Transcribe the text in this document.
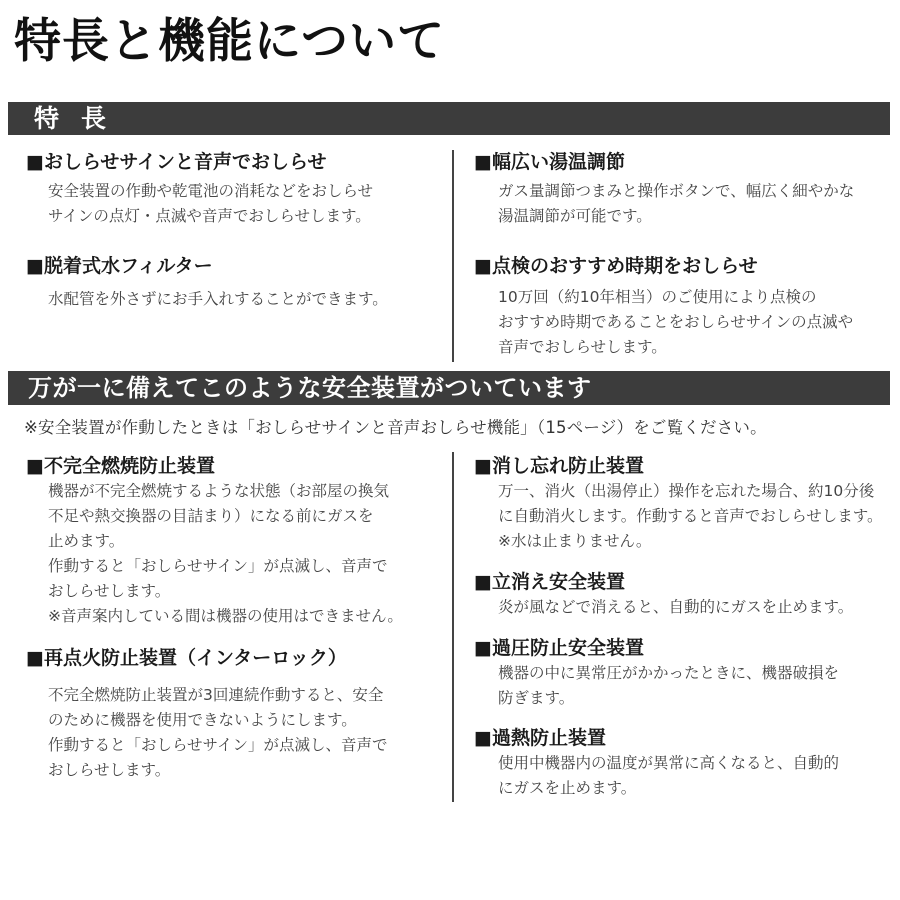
特長と機能について
特長
■おしらせサインと音声でおしらせ

安全装置の作動や乾電池の消耗などをおしらせ

サインの点灯・点滅や音声でおしらせします。

■脱着式水フィルター

水配管を外さずにお手入れすることができます。

■幅広い湯温調節

ガス量調節つまみと操作ボタンで、幅広く細やかな

湯温調節が可能です。

■点検のおすすめ時期をおしらせ

10万回（約10年相当）のご使用により点検の

おすすめ時期であることをおしらせサインの点滅や

音声でおしらせします。

万が一に備えてこのような安全装置がついています
※安全装置が作動したときは「おしらせサインと音声おしらせ機能」（15ページ）をご覧ください。
■不完全燃焼防止装置

機器が不完全燃焼するような状態（お部屋の換気

不足や熱交換器の目詰まり）になる前にガスを

止めます。

作動すると「おしらせサイン」が点滅し、音声で

おしらせします。

※音声案内している間は機器の使用はできません。

■再点火防止装置（インターロック）

不完全燃焼防止装置が3回連続作動すると、安全

のために機器を使用できないようにします。

作動すると「おしらせサイン」が点滅し、音声で

おしらせします。

■消し忘れ防止装置

万一、消火（出湯停止）操作を忘れた場合、約10分後

に自動消火します。作動すると音声でおしらせします。

※水は止まりません。

■立消え安全装置

炎が風などで消えると、自動的にガスを止めます。

■過圧防止安全装置

機器の中に異常圧がかかったときに、機器破損を

防ぎます。

■過熱防止装置

使用中機器内の温度が異常に高くなると、自動的

にガスを止めます。
